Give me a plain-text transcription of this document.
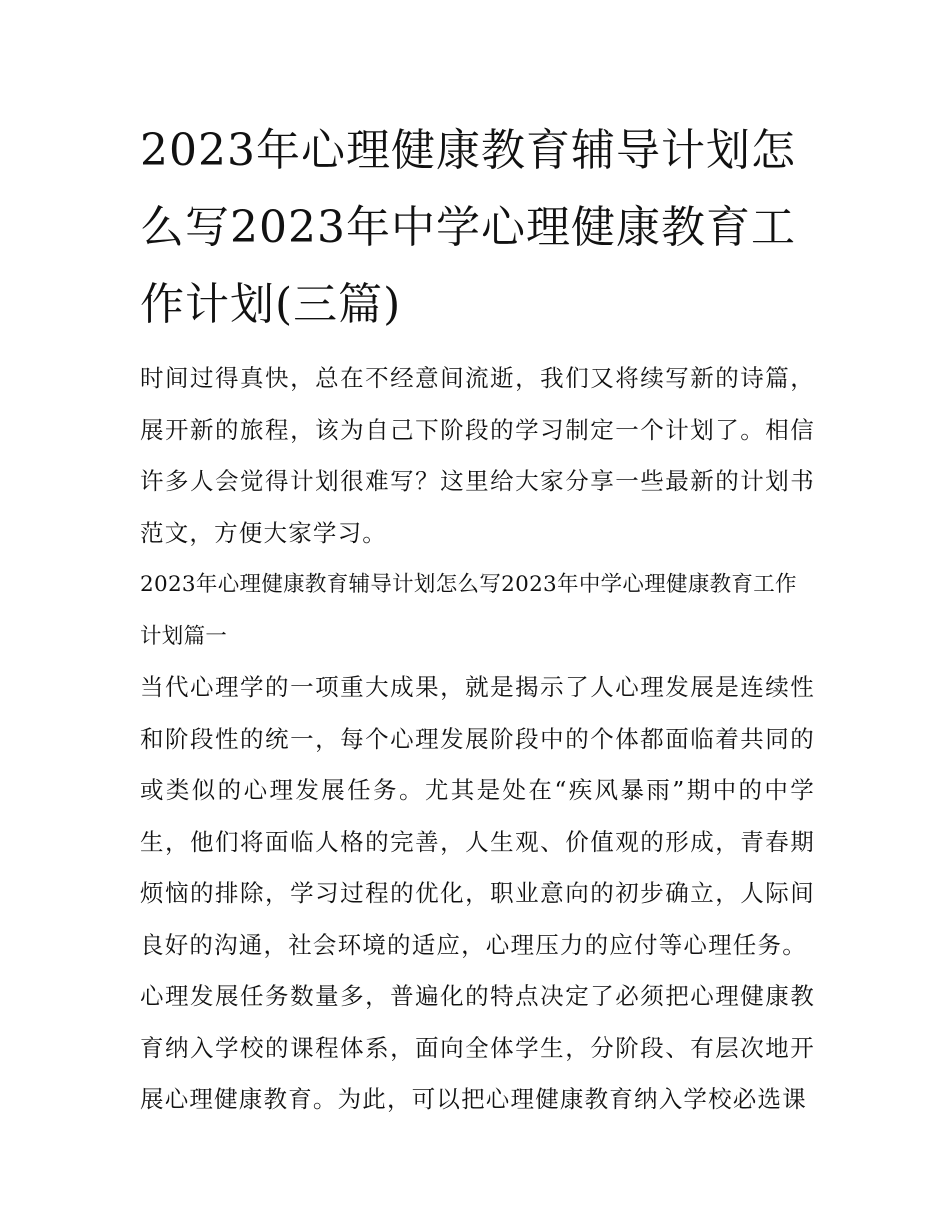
2023年心理健康教育辅导计划怎么写2023年中学心理健康教育工作计划(三篇)

时间过得真快，总在不经意间流逝，我们又将续写新的诗篇，展开新的旅程，该为自己下阶段的学习制定一个计划了。相信许多人会觉得计划很难写？这里给大家分享一些最新的计划书范文，方便大家学习。

2023年心理健康教育辅导计划怎么写2023年中学心理健康教育工作计划篇一

当代心理学的一项重大成果，就是揭示了人心理发展是连续性和阶段性的统一，每个心理发展阶段中的个体都面临着共同的或类似的心理发展任务。尤其是处在“疾风暴雨”期中的中学生，他们将面临人格的完善，人生观、价值观的形成，青春期烦恼的排除，学习过程的优化，职业意向的初步确立，人际间良好的沟通，社会环境的适应，心理压力的应付等心理任务。

心理发展任务数量多，普遍化的特点决定了必须把心理健康教育纳入学校的课程体系，面向全体学生，分阶段、有层次地开展心理健康教育。为此，可以把心理健康教育纳入学校必选课
